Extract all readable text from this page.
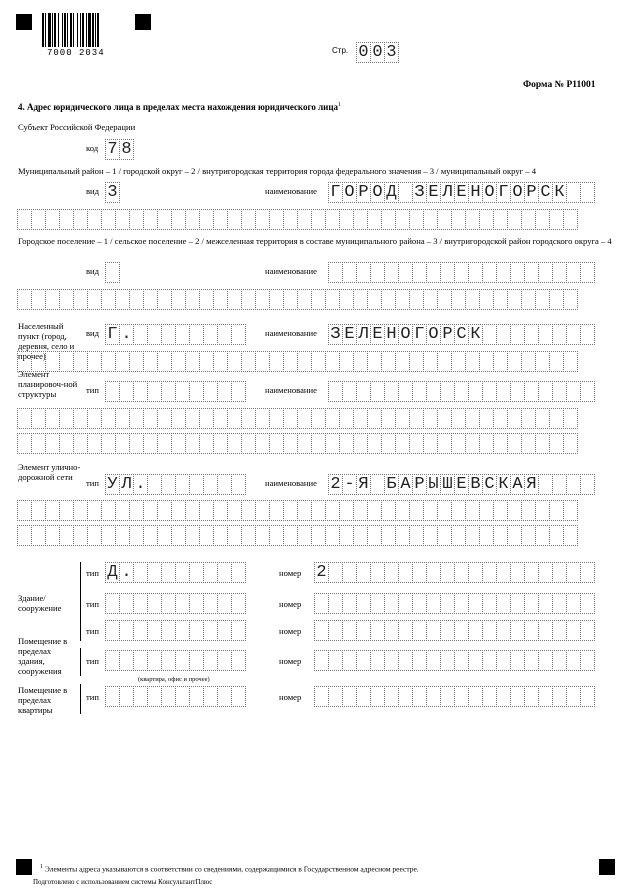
7000 2034	Стр. 0 0 3
Форма № Р11001
4. Адрес юридического лица в пределах места нахождения юридического лица$^1$
Субъект Российской Федерации
код 7 8
Муниципальный район – 1 / городской округ – 2 / внутригородская территория города федерального значения – 3 / муниципальный округ – 4
вид 3	наименование Г О Р О Д З Е Л Е Н О Г О Р С К
Городское поселение – 1 / сельское поселение – 2 / межселенная территория в составе муниципального района – 3 / внутригородской район городского округа – 4
вид	наименование
Населенный пункт (город, деревня, село и прочее)
вид Г .	наименование З Е Л Е Н О Г О Р С К
Элемент планировоч-ной структуры	тип	наименование
Элемент улично-дорожной сети
тип У Л .	наименование 2 - Я Б А Р Ы Ш Е В С К А Я
Здание/ сооружение
тип Д .	номер 2
тип	номер
тип	номер
Помещение в пределах здания, сооружения
тип	номер
(квартира, офис и прочее)
Помещение в пределах квартиры
тип	номер
$^1$ Элементы адреса указываются в соответствии со сведениями, содержащимися в Государственном адресном реестре.
Подготовлено с использованием системы КонсультантПлюс
